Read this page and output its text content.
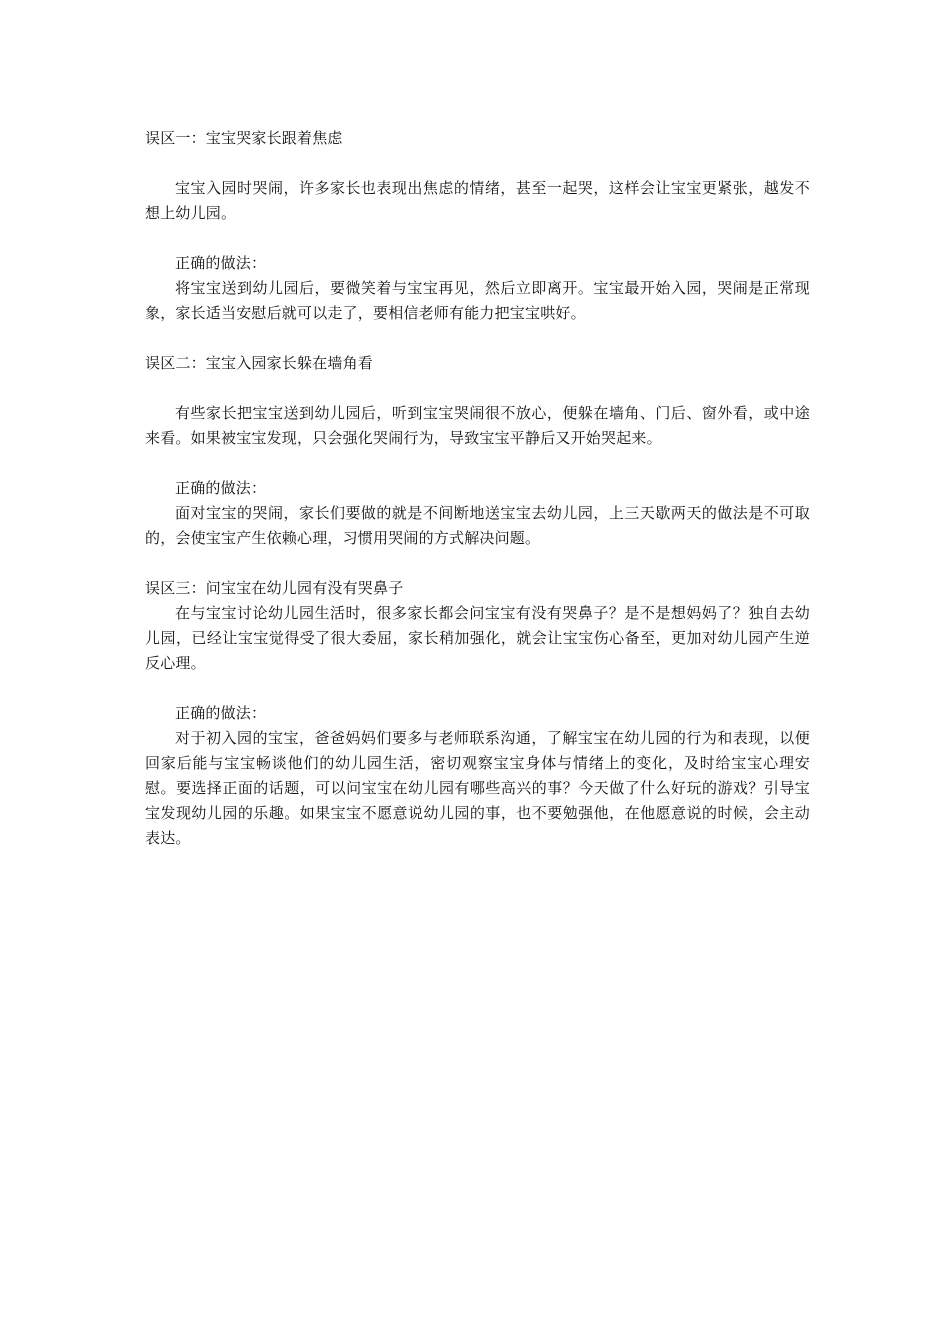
误区一：宝宝哭家长跟着焦虑

宝宝入园时哭闹，许多家长也表现出焦虑的情绪，甚至一起哭，这样会让宝宝更紧张，越发不想上幼儿园。

正确的做法：

将宝宝送到幼儿园后，要微笑着与宝宝再见，然后立即离开。宝宝最开始入园，哭闹是正常现象，家长适当安慰后就可以走了，要相信老师有能力把宝宝哄好。

误区二：宝宝入园家长躲在墙角看

有些家长把宝宝送到幼儿园后，听到宝宝哭闹很不放心，便躲在墙角、门后、窗外看，或中途来看。如果被宝宝发现，只会强化哭闹行为，导致宝宝平静后又开始哭起来。

正确的做法：

面对宝宝的哭闹，家长们要做的就是不间断地送宝宝去幼儿园，上三天歇两天的做法是不可取的，会使宝宝产生依赖心理，习惯用哭闹的方式解决问题。

误区三：问宝宝在幼儿园有没有哭鼻子

在与宝宝讨论幼儿园生活时，很多家长都会问宝宝有没有哭鼻子？是不是想妈妈了？独自去幼儿园，已经让宝宝觉得受了很大委屈，家长稍加强化，就会让宝宝伤心备至，更加对幼儿园产生逆反心理。

正确的做法：

对于初入园的宝宝，爸爸妈妈们要多与老师联系沟通，了解宝宝在幼儿园的行为和表现，以便回家后能与宝宝畅谈他们的幼儿园生活，密切观察宝宝身体与情绪上的变化，及时给宝宝心理安慰。要选择正面的话题，可以问宝宝在幼儿园有哪些高兴的事？今天做了什么好玩的游戏？引导宝宝发现幼儿园的乐趣。如果宝宝不愿意说幼儿园的事，也不要勉强他，在他愿意说的时候，会主动表达。
